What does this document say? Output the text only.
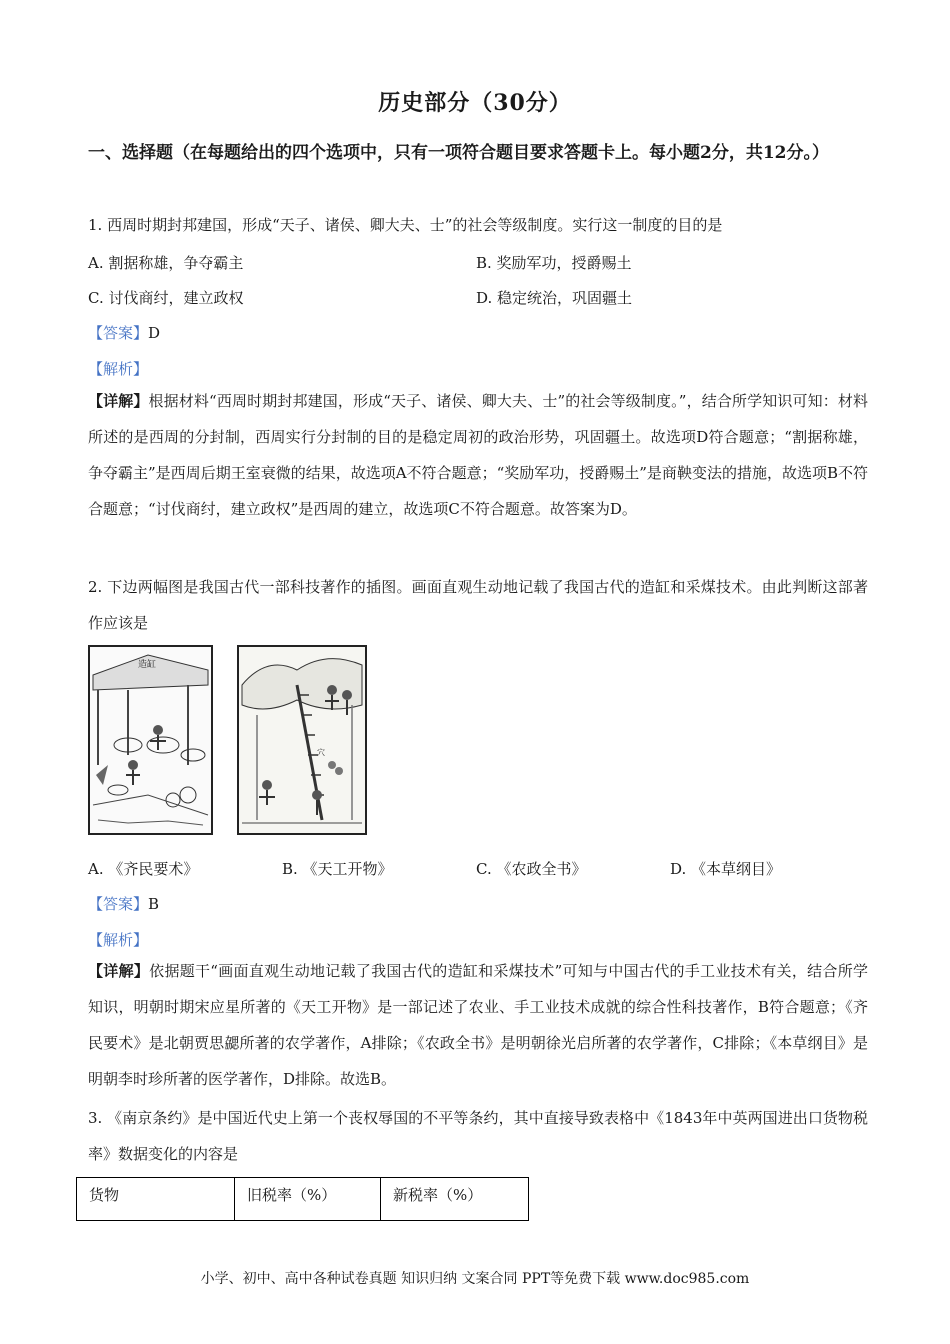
历史部分（30分）
一、选择题（在每题给出的四个选项中，只有一项符合题目要求答题卡上。每小题2分，共12分。）
1. 西周时期封邦建国，形成“天子、诸侯、卿大夫、士”的社会等级制度。实行这一制度的目的是
A. 割据称雄，争夺霸主	B. 奖励军功，授爵赐土
C. 讨伐商纣，建立政权	D. 稳定统治，巩固疆土
【答案】D
【解析】
【详解】根据材料“西周时期封邦建国，形成“天子、诸侯、卿大夫、士”的社会等级制度。”，结合所学知识可知：材料所述的是西周的分封制，西周实行分封制的目的是稳定周初的政治形势，巩固疆土。故选项D符合题意；“割据称雄，争夺霸主”是西周后期王室衰微的结果，故选项A不符合题意；“奖励军功，授爵赐土”是商鞅变法的措施，故选项B不符合题意；“讨伐商纣，建立政权”是西周的建立，故选项C不符合题意。故答案为D。
2. 下边两幅图是我国古代一部科技著作的插图。画面直观生动地记载了我国古代的造缸和采煤技术。由此判断这部著作应该是
造缸
穴
A. 《齐民要术》	B. 《天工开物》	C. 《农政全书》	D. 《本草纲目》
【答案】B
【解析】
【详解】依据题干“画面直观生动地记载了我国古代的造缸和采煤技术”可知与中国古代的手工业技术有关，结合所学知识，明朝时期宋应星所著的《天工开物》是一部记述了农业、手工业技术成就的综合性科技著作，B符合题意；《齐民要术》是北朝贾思勰所著的农学著作，A排除；《农政全书》是明朝徐光启所著的农学著作，C排除；《本草纲目》是明朝李时珍所著的医学著作，D排除。故选B。
3. 《南京条约》是中国近代史上第一个丧权辱国的不平等条约，其中直接导致表格中《1843年中英两国进出口货物税率》数据变化的内容是
货物	旧税率（%）	新税率（%）
小学、初中、高中各种试卷真题 知识归纳 文案合同 PPT等免费下载 www.doc985.com
